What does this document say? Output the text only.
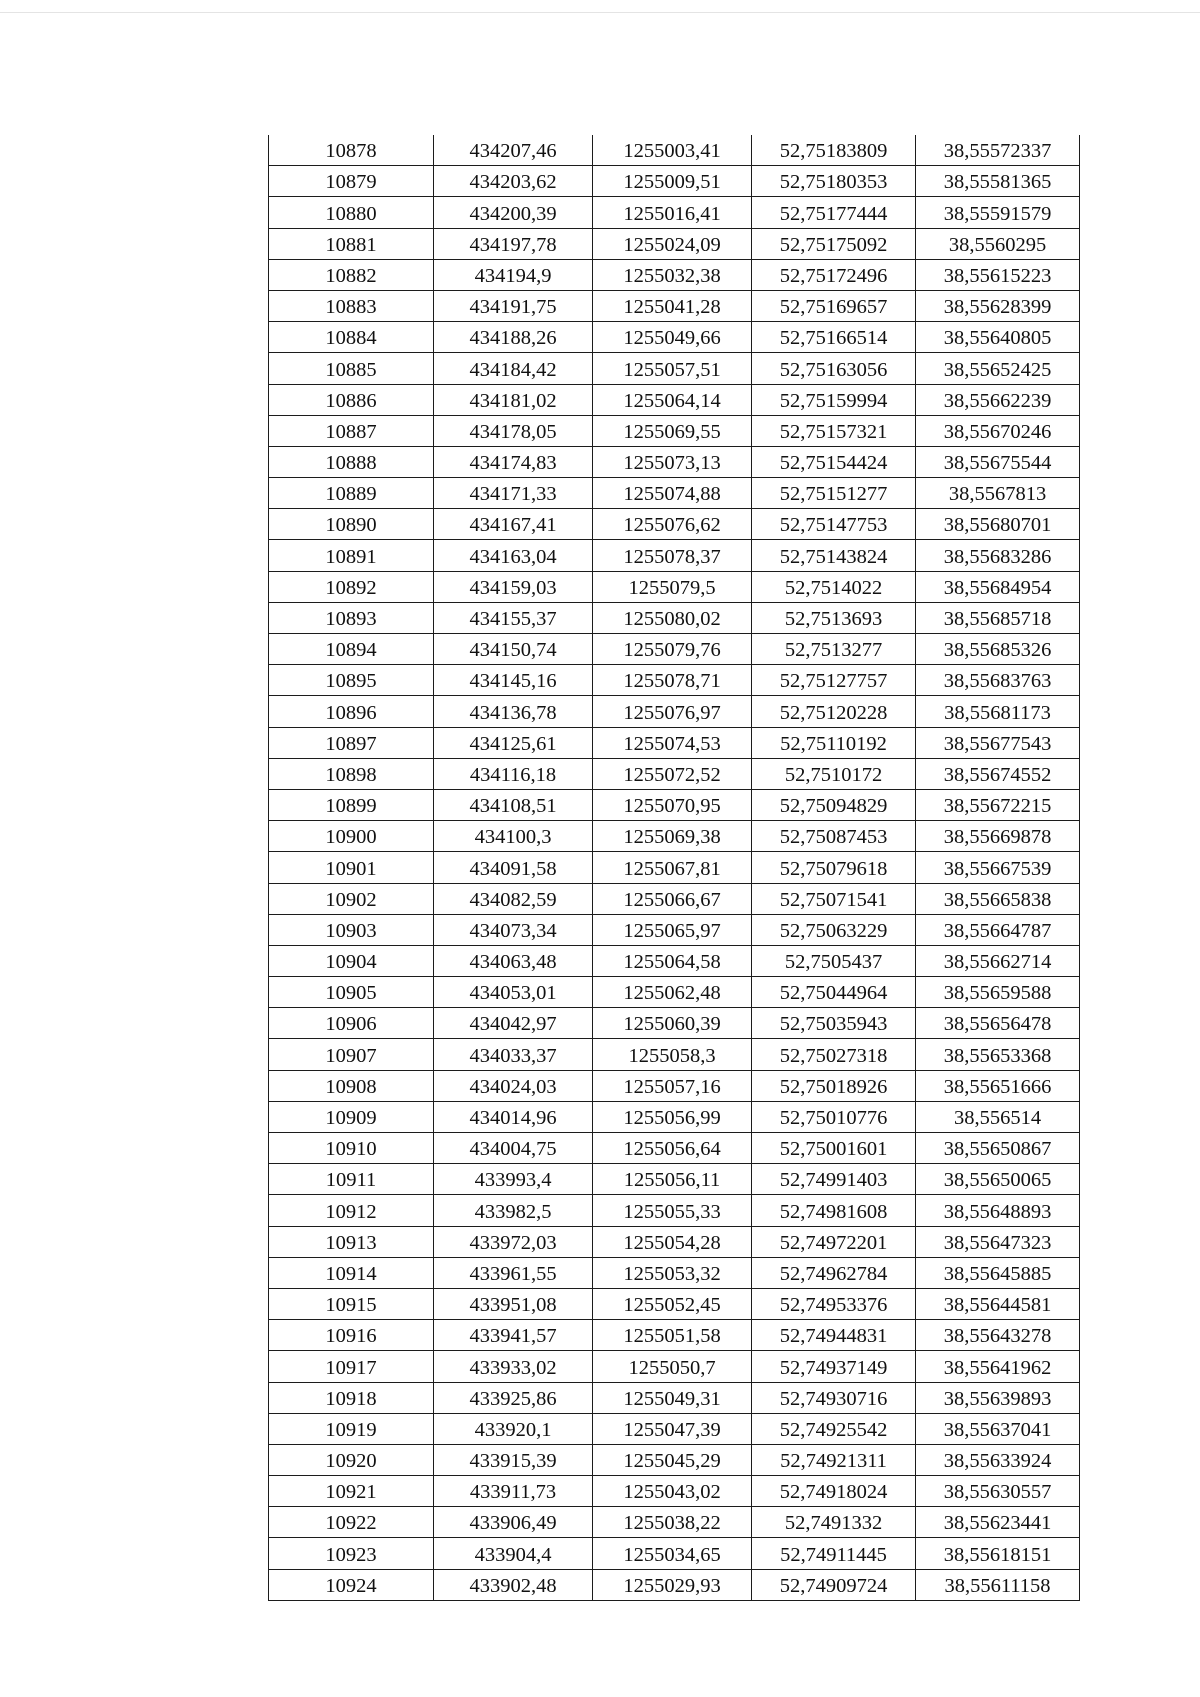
10878	434207,46	1255003,41	52,75183809	38,55572337
10879	434203,62	1255009,51	52,75180353	38,55581365
10880	434200,39	1255016,41	52,75177444	38,55591579
10881	434197,78	1255024,09	52,75175092	38,5560295
10882	434194,9	1255032,38	52,75172496	38,55615223
10883	434191,75	1255041,28	52,75169657	38,55628399
10884	434188,26	1255049,66	52,75166514	38,55640805
10885	434184,42	1255057,51	52,75163056	38,55652425
10886	434181,02	1255064,14	52,75159994	38,55662239
10887	434178,05	1255069,55	52,75157321	38,55670246
10888	434174,83	1255073,13	52,75154424	38,55675544
10889	434171,33	1255074,88	52,75151277	38,5567813
10890	434167,41	1255076,62	52,75147753	38,55680701
10891	434163,04	1255078,37	52,75143824	38,55683286
10892	434159,03	1255079,5	52,7514022	38,55684954
10893	434155,37	1255080,02	52,7513693	38,55685718
10894	434150,74	1255079,76	52,7513277	38,55685326
10895	434145,16	1255078,71	52,75127757	38,55683763
10896	434136,78	1255076,97	52,75120228	38,55681173
10897	434125,61	1255074,53	52,75110192	38,55677543
10898	434116,18	1255072,52	52,7510172	38,55674552
10899	434108,51	1255070,95	52,75094829	38,55672215
10900	434100,3	1255069,38	52,75087453	38,55669878
10901	434091,58	1255067,81	52,75079618	38,55667539
10902	434082,59	1255066,67	52,75071541	38,55665838
10903	434073,34	1255065,97	52,75063229	38,55664787
10904	434063,48	1255064,58	52,7505437	38,55662714
10905	434053,01	1255062,48	52,75044964	38,55659588
10906	434042,97	1255060,39	52,75035943	38,55656478
10907	434033,37	1255058,3	52,75027318	38,55653368
10908	434024,03	1255057,16	52,75018926	38,55651666
10909	434014,96	1255056,99	52,75010776	38,556514
10910	434004,75	1255056,64	52,75001601	38,55650867
10911	433993,4	1255056,11	52,74991403	38,55650065
10912	433982,5	1255055,33	52,74981608	38,55648893
10913	433972,03	1255054,28	52,74972201	38,55647323
10914	433961,55	1255053,32	52,74962784	38,55645885
10915	433951,08	1255052,45	52,74953376	38,55644581
10916	433941,57	1255051,58	52,74944831	38,55643278
10917	433933,02	1255050,7	52,74937149	38,55641962
10918	433925,86	1255049,31	52,74930716	38,55639893
10919	433920,1	1255047,39	52,74925542	38,55637041
10920	433915,39	1255045,29	52,74921311	38,55633924
10921	433911,73	1255043,02	52,74918024	38,55630557
10922	433906,49	1255038,22	52,7491332	38,55623441
10923	433904,4	1255034,65	52,74911445	38,55618151
10924	433902,48	1255029,93	52,74909724	38,55611158
